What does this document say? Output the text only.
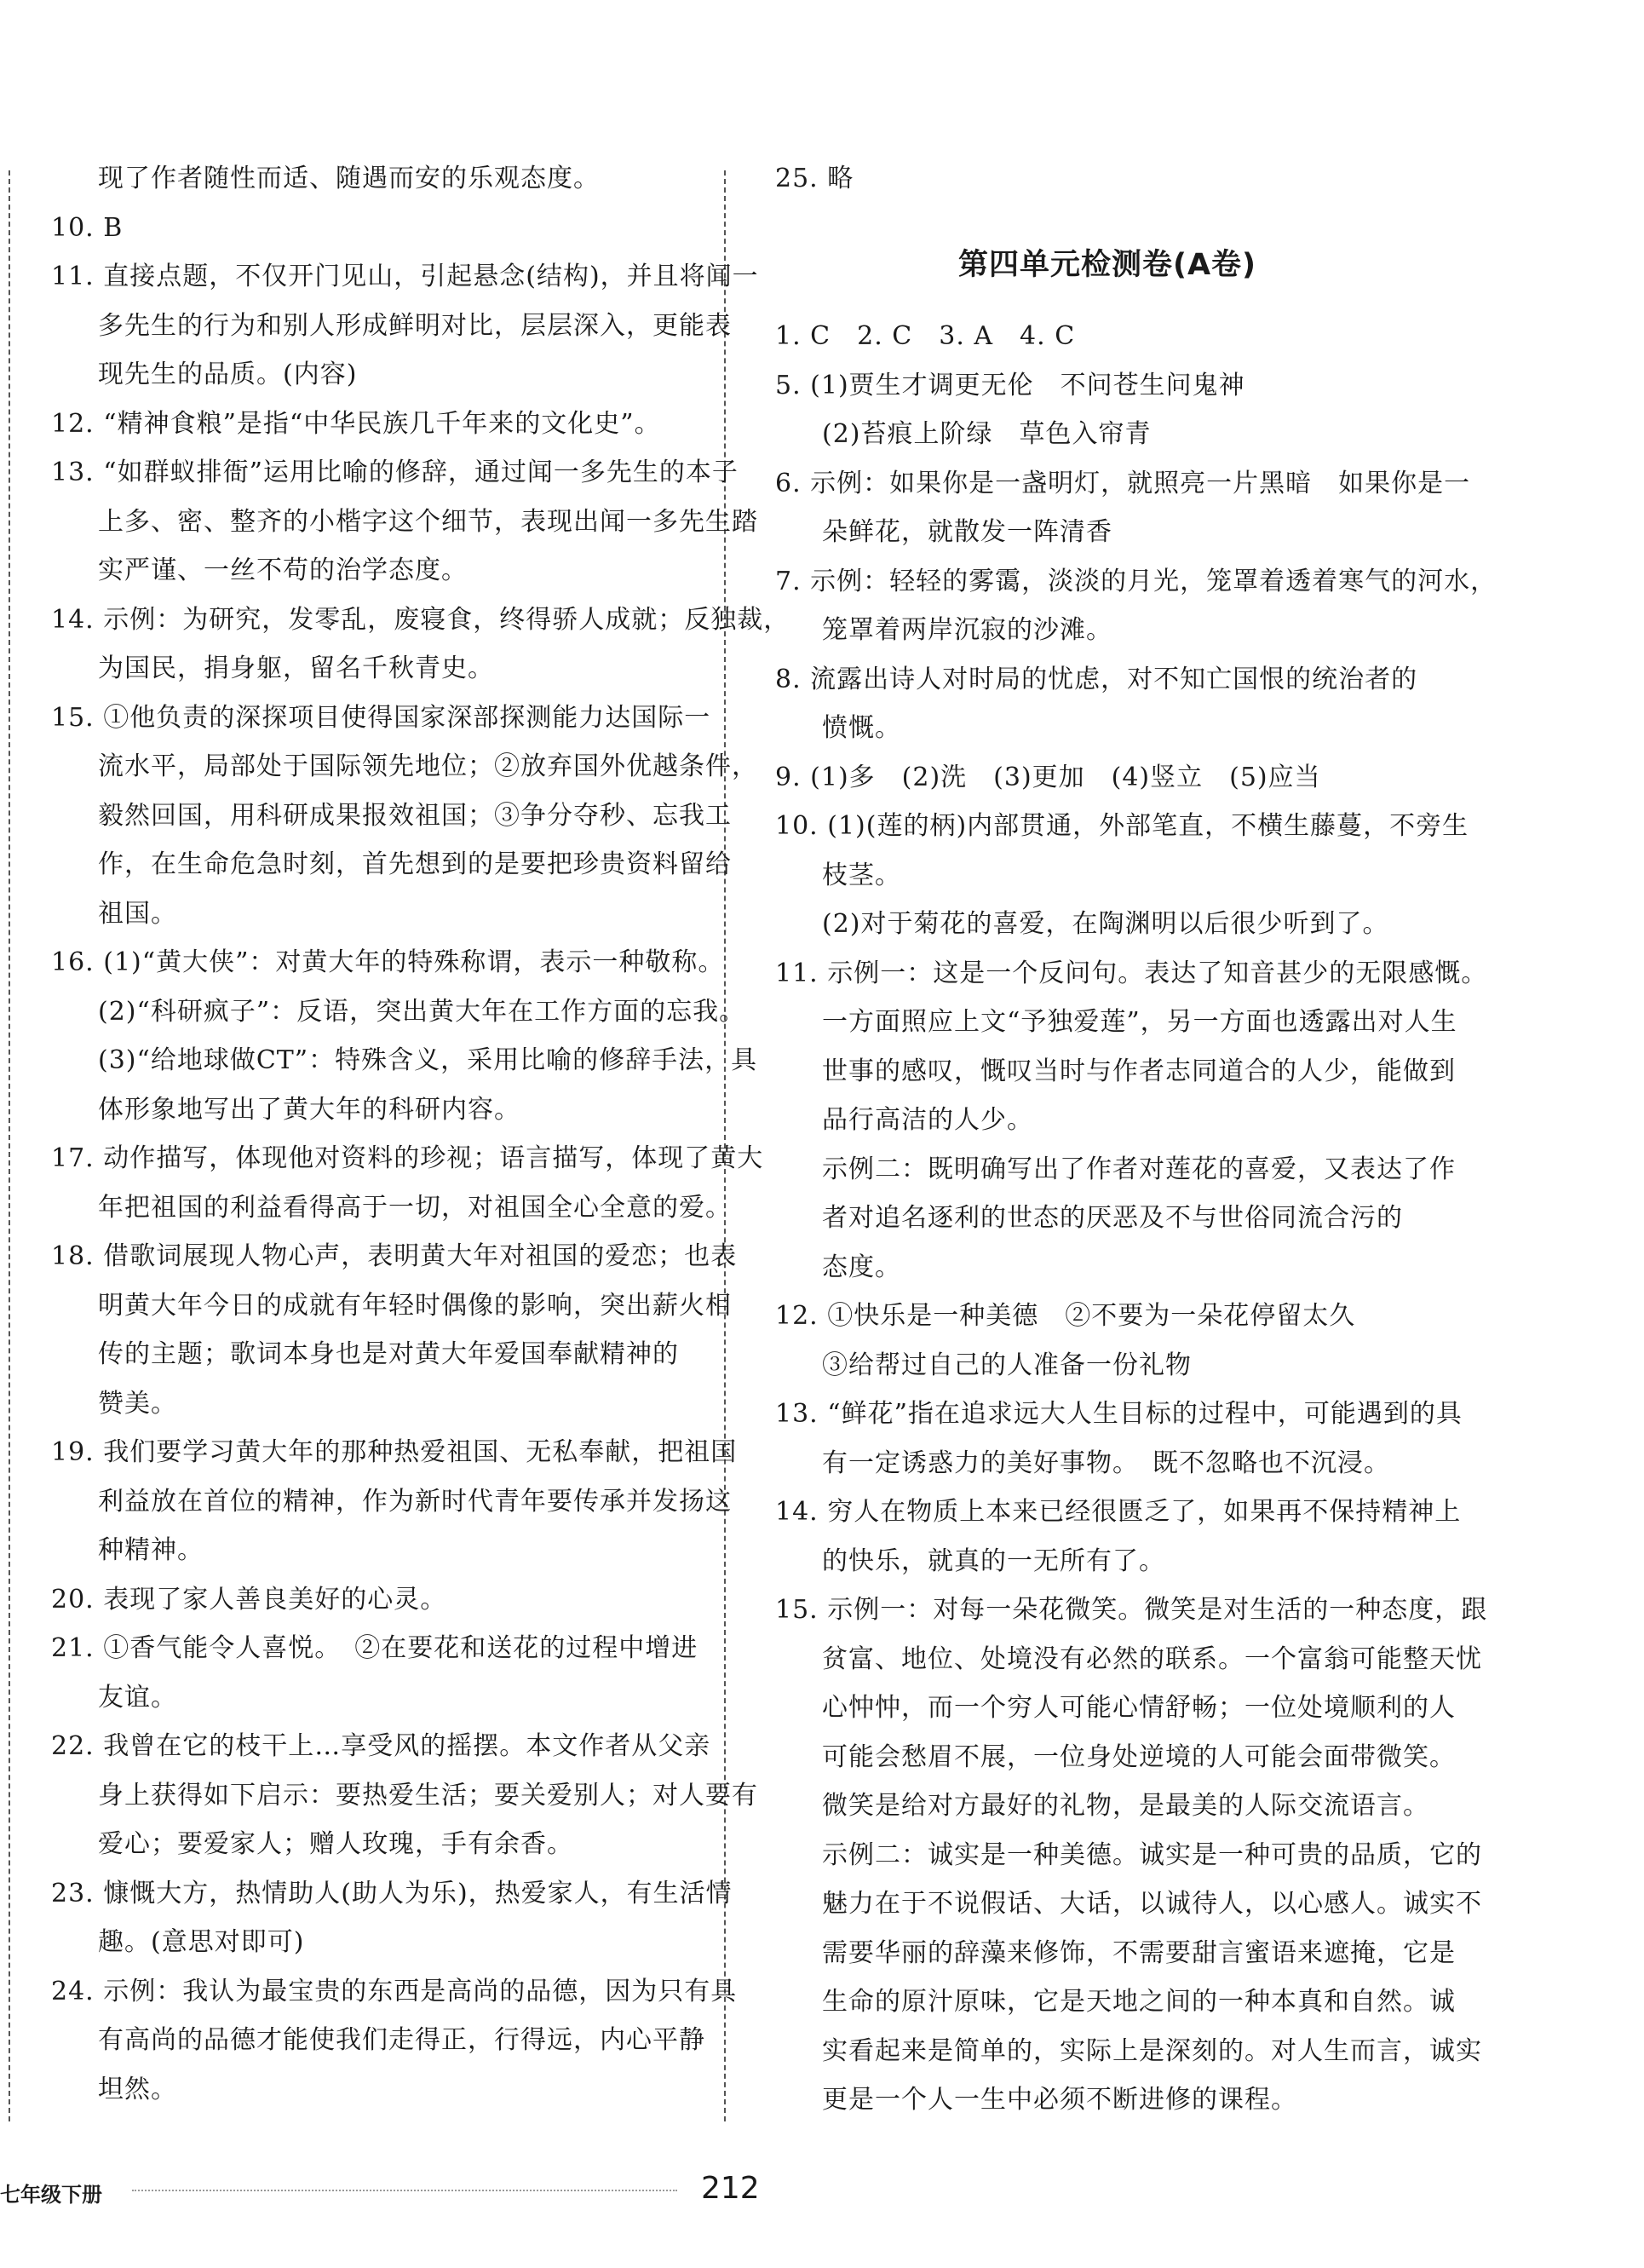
现了作者随性而适、随遇而安的乐观态度。
10. B
11. 直接点题，不仅开门见山，引起悬念(结构)，并且将闻一
多先生的行为和别人形成鲜明对比，层层深入，更能表
现先生的品质。(内容)
12. “精神食粮”是指“中华民族几千年来的文化史”。
13. “如群蚁排衙”运用比喻的修辞，通过闻一多先生的本子
上多、密、整齐的小楷字这个细节，表现出闻一多先生踏
实严谨、一丝不苟的治学态度。
14. 示例：为研究，发零乱，废寝食，终得骄人成就；反独裁，
为国民，捐身躯，留名千秋青史。
15. ①他负责的深探项目使得国家深部探测能力达国际一
流水平，局部处于国际领先地位；②放弃国外优越条件，
毅然回国，用科研成果报效祖国；③争分夺秒、忘我工
作，在生命危急时刻，首先想到的是要把珍贵资料留给
祖国。
16. (1)“黄大侠”：对黄大年的特殊称谓，表示一种敬称。
(2)“科研疯子”：反语，突出黄大年在工作方面的忘我。
(3)“给地球做CT”：特殊含义，采用比喻的修辞手法，具
体形象地写出了黄大年的科研内容。
17. 动作描写，体现他对资料的珍视；语言描写，体现了黄大
年把祖国的利益看得高于一切，对祖国全心全意的爱。
18. 借歌词展现人物心声，表明黄大年对祖国的爱恋；也表
明黄大年今日的成就有年轻时偶像的影响，突出薪火相
传的主题；歌词本身也是对黄大年爱国奉献精神的
赞美。
19. 我们要学习黄大年的那种热爱祖国、无私奉献，把祖国
利益放在首位的精神，作为新时代青年要传承并发扬这
种精神。
20. 表现了家人善良美好的心灵。
21. ①香气能令人喜悦。　②在要花和送花的过程中增进
友谊。
22. 我曾在它的枝干上…享受风的摇摆。本文作者从父亲
身上获得如下启示：要热爱生活；要关爱别人；对人要有
爱心；要爱家人；赠人玫瑰，手有余香。
23. 慷慨大方，热情助人(助人为乐)，热爱家人，有生活情
趣。(意思对即可)
24. 示例：我认为最宝贵的东西是高尚的品德，因为只有具
有高尚的品德才能使我们走得正，行得远，内心平静
坦然。
第四单元检测卷(A卷)
25. 略
1. C　2. C　3. A　4. C
5. (1)贾生才调更无伦　不问苍生问鬼神
(2)苔痕上阶绿　草色入帘青
6. 示例：如果你是一盏明灯，就照亮一片黑暗　如果你是一
朵鲜花，就散发一阵清香
7. 示例：轻轻的雾霭，淡淡的月光，笼罩着透着寒气的河水，
笼罩着两岸沉寂的沙滩。
8. 流露出诗人对时局的忧虑，对不知亡国恨的统治者的
愤慨。
9. (1)多　(2)洗　(3)更加　(4)竖立　(5)应当
10. (1)(莲的柄)内部贯通，外部笔直，不横生藤蔓，不旁生
枝茎。
(2)对于菊花的喜爱，在陶渊明以后很少听到了。
11. 示例一：这是一个反问句。表达了知音甚少的无限感慨。
一方面照应上文“予独爱莲”，另一方面也透露出对人生
世事的感叹，慨叹当时与作者志同道合的人少，能做到
品行高洁的人少。
示例二：既明确写出了作者对莲花的喜爱，又表达了作
者对追名逐利的世态的厌恶及不与世俗同流合污的
态度。
12. ①快乐是一种美德　②不要为一朵花停留太久
③给帮过自己的人准备一份礼物
13. “鲜花”指在追求远大人生目标的过程中，可能遇到的具
有一定诱惑力的美好事物。　既不忽略也不沉浸。
14. 穷人在物质上本来已经很匮乏了，如果再不保持精神上
的快乐，就真的一无所有了。
15. 示例一：对每一朵花微笑。微笑是对生活的一种态度，跟
贫富、地位、处境没有必然的联系。一个富翁可能整天忧
心忡忡，而一个穷人可能心情舒畅；一位处境顺利的人
可能会愁眉不展，一位身处逆境的人可能会面带微笑。
微笑是给对方最好的礼物，是最美的人际交流语言。
示例二：诚实是一种美德。诚实是一种可贵的品质，它的
魅力在于不说假话、大话，以诚待人，以心感人。诚实不
需要华丽的辞藻来修饰，不需要甜言蜜语来遮掩，它是
生命的原汁原味，它是天地之间的一种本真和自然。诚
实看起来是简单的，实际上是深刻的。对人生而言，诚实
更是一个人一生中必须不断进修的课程。
七年级下册	212
